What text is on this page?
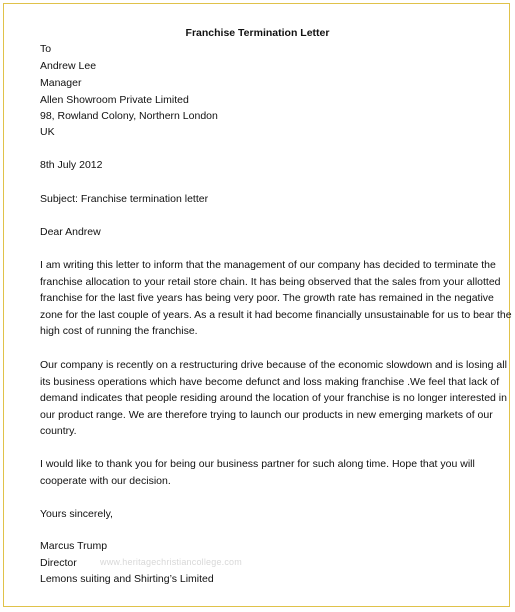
Franchise Termination Letter
To
Andrew Lee
Manager
Allen Showroom Private Limited
98, Rowland Colony, Northern London
UK
8th July 2012
Subject: Franchise termination letter
Dear Andrew
I am writing this letter to inform that the management of our company has decided to terminate the
franchise allocation to your retail store chain. It has being observed that the sales from your allotted
franchise for the last five years has being very poor. The growth rate has remained in the negative
zone for the last couple of years. As a result it had become financially unsustainable for us to bear the
high cost of running the franchise.
Our company is recently on a restructuring drive because of the economic slowdown and is losing all
its business operations which have become defunct and loss making franchise .We feel that lack of
demand indicates that people residing around the location of your franchise is no longer interested in
our product range. We are therefore trying to launch our products in new emerging markets of our
country.
I would like to thank you for being our business partner for such along time. Hope that you will
cooperate with our decision.
Yours sincerely,
Marcus Trump
Director
Lemons suiting and Shirting’s Limited
www.heritagechristiancollege.com
